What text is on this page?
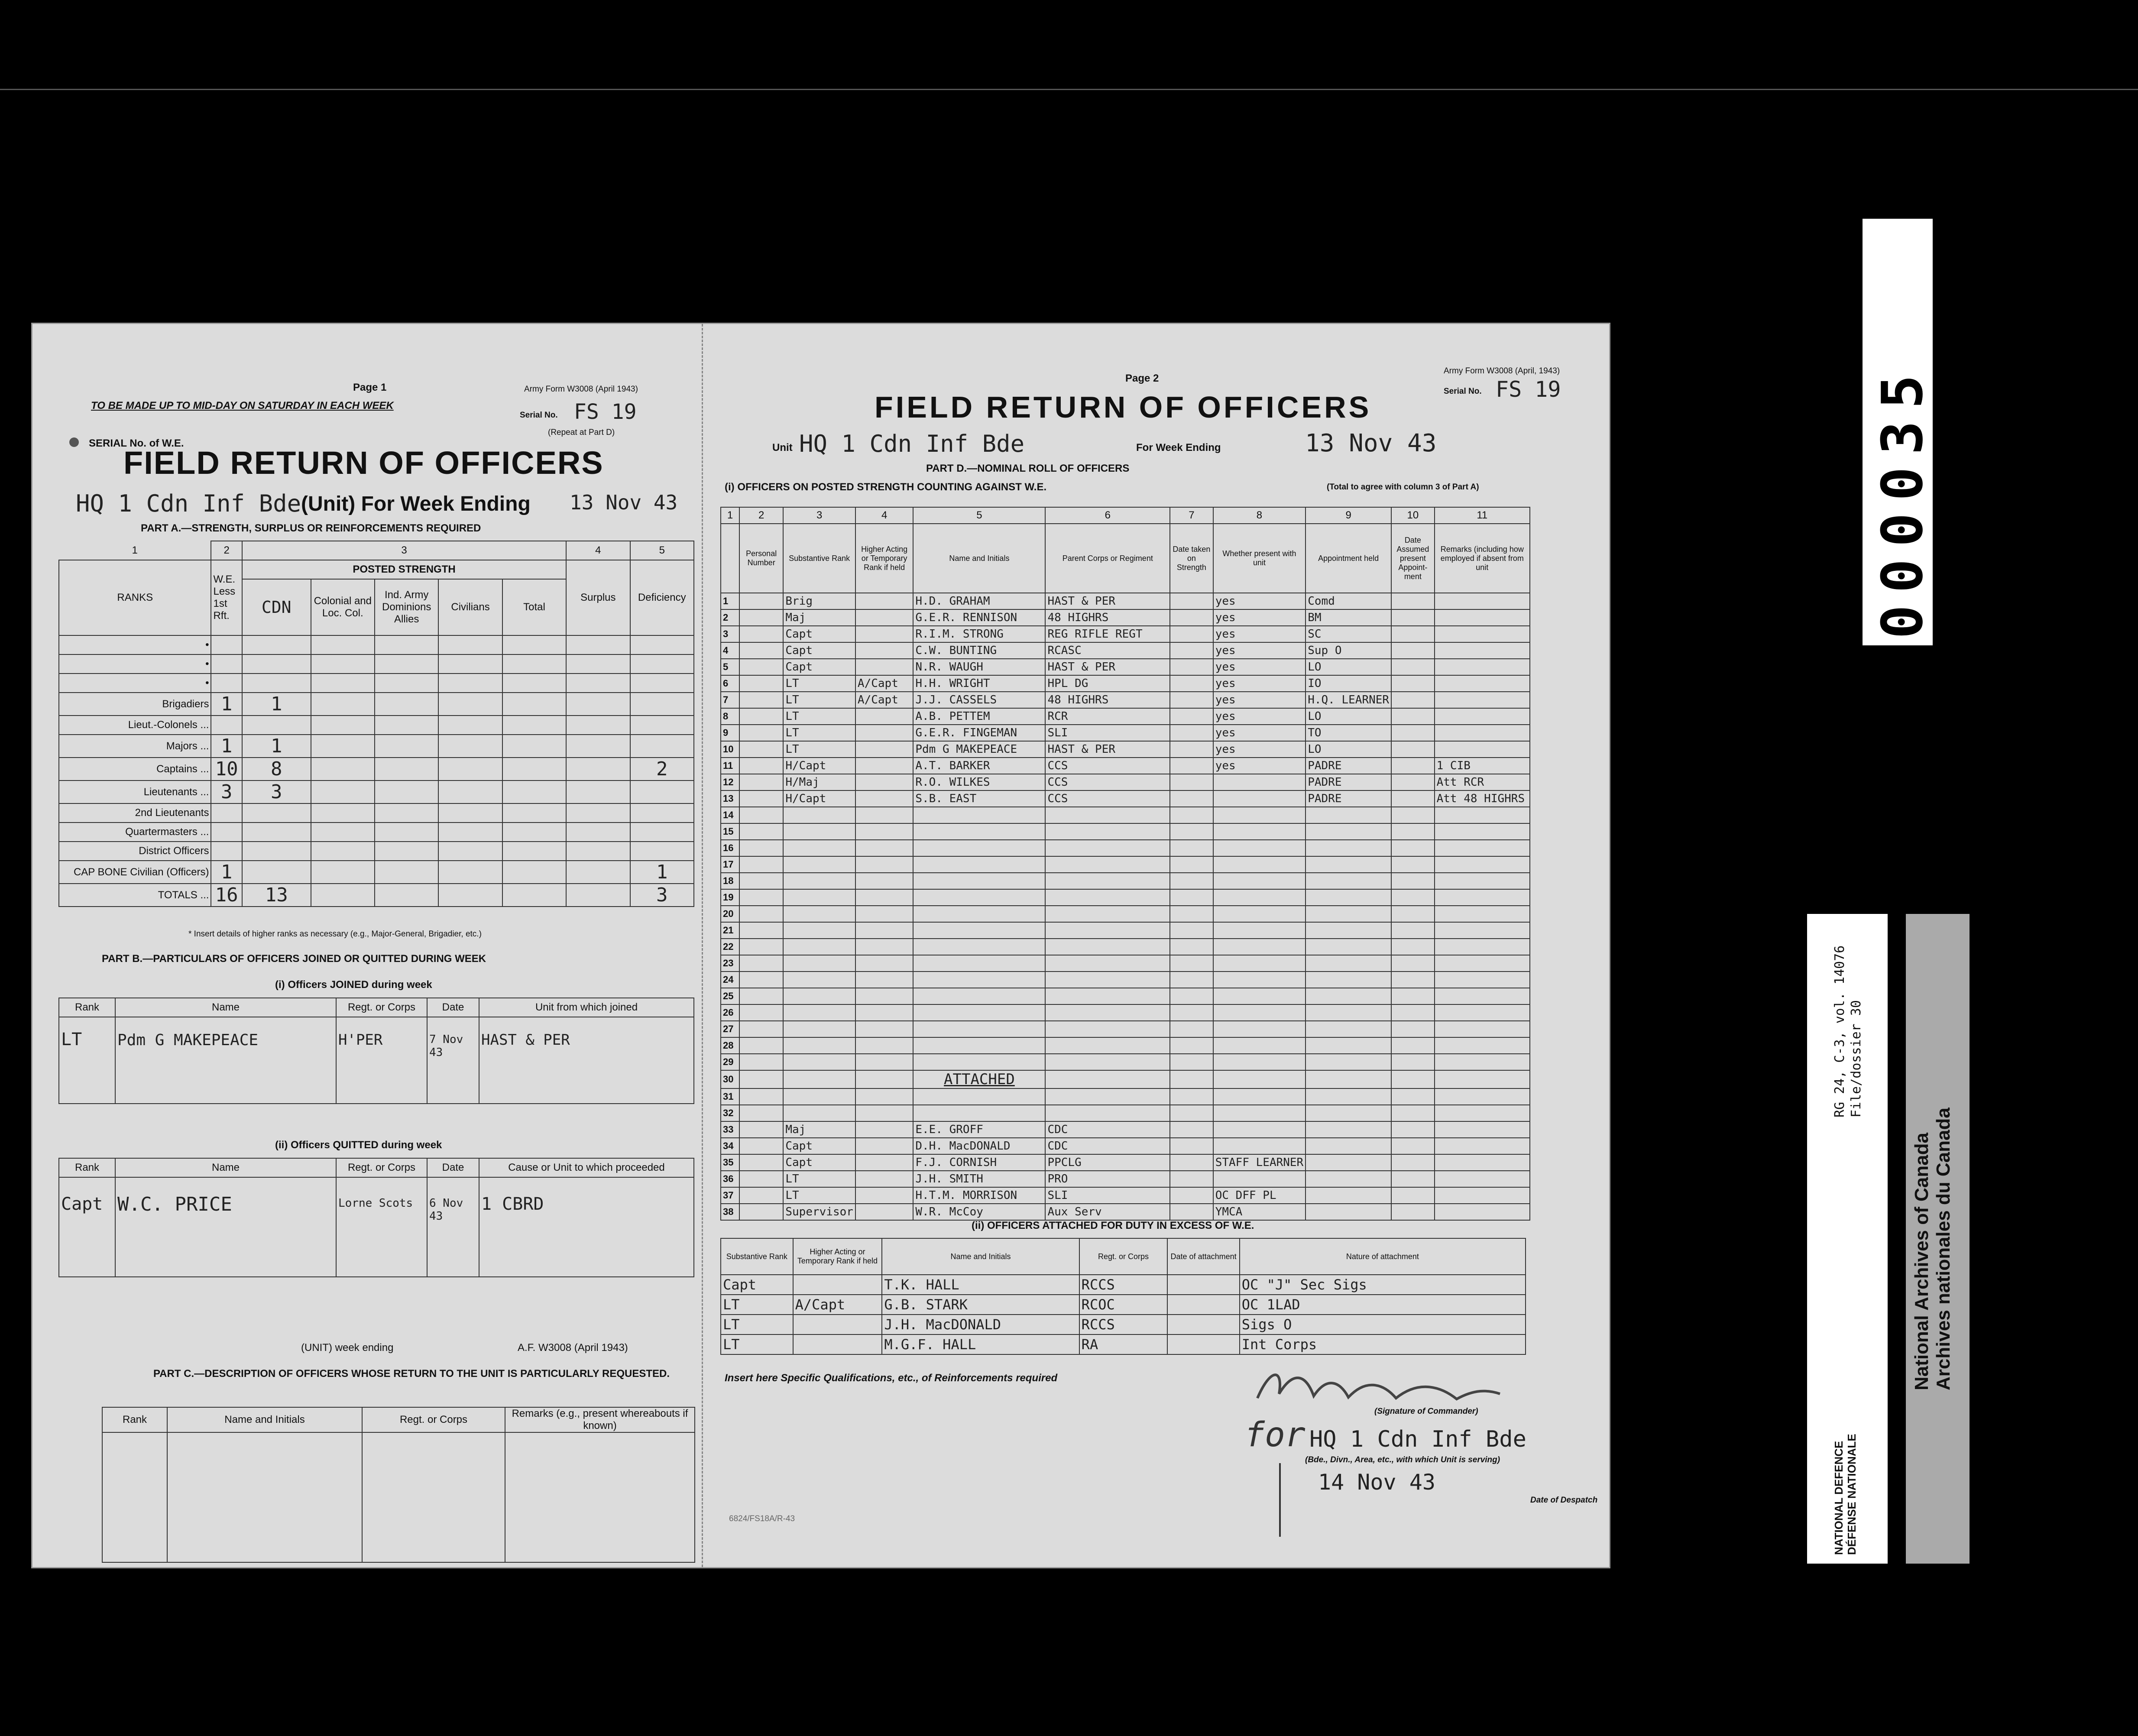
Page 1
TO BE MADE UP TO MID-DAY ON SATURDAY IN EACH WEEK
Army Form W3008 (April 1943)
Serial No. FS 19
(Repeat at Part D)
SERIAL No. of W.E.
FIELD RETURN OF OFFICERS
HQ 1 Cdn Inf Bde (Unit) For Week Ending 13 Nov 43
PART A.—STRENGTH, SURPLUS OR REINFORCEMENTS REQUIRED
1	2	3					4	5
RANKS	W.E. Less 1st Rft.	POSTED STRENGTH					Surplus	Deficiency
		CDN	Colonial and Loc. Col.	Ind. Army Dominions Allies	Civilians	Total		
•								
•								
•								
Brigadiers	1	1						
Lieut.-Colonels ...								
Majors ...	1	1						
Captains ...	10	8						2
Lieutenants ...	3	3						
2nd Lieutenants								
Quartermasters ...								
District Officers								
CAP BONE Civilian (Officers)	1							1
TOTALS ...	16	13						3
* Insert details of higher ranks as necessary (e.g., Major-General, Brigadier, etc.)
PART B.—PARTICULARS OF OFFICERS JOINED OR QUITTED DURING WEEK
(i) Officers JOINED during week
Rank	Name	Regt. or Corps	Date	Unit from which joined
LT	Pdm G MAKEPEACE	H'PER	7 Nov 43	HAST & PER
(ii) Officers QUITTED during week
Rank	Name	Regt. or Corps	Date	Cause or Unit to which proceeded
Capt	W.C. PRICE	Lorne Scots	6 Nov 43	1 CBRD
(UNIT) week ending	A.F. W3008 (April 1943)
PART C.—DESCRIPTION OF OFFICERS WHOSE RETURN TO THE UNIT IS PARTICULARLY REQUESTED.
Rank	Name and Initials	Regt. or Corps	Remarks (e.g., present whereabouts if known)

Page 2
Army Form W3008 (April, 1943)
Serial No. FS 19
FIELD RETURN OF OFFICERS
Unit HQ 1 Cdn Inf Bde	For Week Ending	13 Nov 43
PART D.—NOMINAL ROLL OF OFFICERS
(i) OFFICERS ON POSTED STRENGTH COUNTING AGAINST W.E.	(Total to agree with column 3 of Part A)
1	2	3	4	5	6	7	8	9	10	11
	Personal Number	Substantive Rank	Higher Acting or Temporary Rank if held	Name and Initials	Parent Corps or Regiment	Date taken on Strength	Whether present with unit	Appointment held	Date Assumed present Appoint-ment	Remarks (including how employed if absent from unit
1		Brig		H.D. GRAHAM	HAST & PER		yes	Comd		
2		Maj		G.E.R. RENNISON	48 HIGHRS		yes	BM		
3		Capt		R.I.M. STRONG	REG RIFLE REGT		yes	SC		
4		Capt		C.W. BUNTING	RCASC		yes	Sup O		
5		Capt		N.R. WAUGH	HAST & PER		yes	LO		
6		LT	A/Capt	H.H. WRIGHT	HPL DG		yes	IO		
7		LT	A/Capt	J.J. CASSELS	48 HIGHRS		yes	H.Q. LEARNER		
8		LT		A.B. PETTEM	RCR		yes	LO		
9		LT		G.E.R. FINGEMAN	SLI		yes	TO		
10		LT		Pdm G MAKEPEACE	HAST & PER		yes	LO		
11		H/Capt		A.T. BARKER	CCS		yes	PADRE		1 CIB
12		H/Maj		R.O. WILKES	CCS			PADRE		Att RCR
13		H/Capt		S.B. EAST	CCS			PADRE		Att 48 HIGHRS
14										
15										
16										
17										
18										
19										
20										
21										
22										
23										
24										
25										
26										
27										
28										
29										
30				ATTACHED						
31										
32										
33		Maj		E.E. GROFF	CDC					
34		Capt		D.H. MacDONALD	CDC					
35		Capt		F.J. CORNISH	PPCLG		STAFF LEARNER			
36		LT		J.H. SMITH	PRO					
37		LT		H.T.M. MORRISON	SLI		OC DFF PL			
38		Supervisor		W.R. McCoy	Aux Serv		YMCA			
(ii) OFFICERS ATTACHED FOR DUTY IN EXCESS OF W.E.
Substantive Rank	Higher Acting or Temporary Rank if held	Name and Initials	Regt. or Corps	Date of attachment	Nature of attachment
Capt		T.K. HALL	RCCS		OC "J" Sec Sigs
LT	A/Capt	G.B. STARK	RCOC		OC 1LAD
LT		J.H. MacDONALD	RCCS		Sigs O
LT		M.G.F. HALL	RA		Int Corps
Insert here Specific Qualifications, etc., of Reinforcements required
(Signature of Commander)
for HQ 1 Cdn Inf Bde
(Bde., Divn., Area, etc., with which Unit is serving)
14 Nov 43
Date of Despatch
6824/FS18A/R-43
000035
NATIONAL DEFENCE DÉFENSE NATIONALE
RG 24, C-3, vol. 14076 File/dossier 30
National Archives of Canada Archives nationales du Canada
